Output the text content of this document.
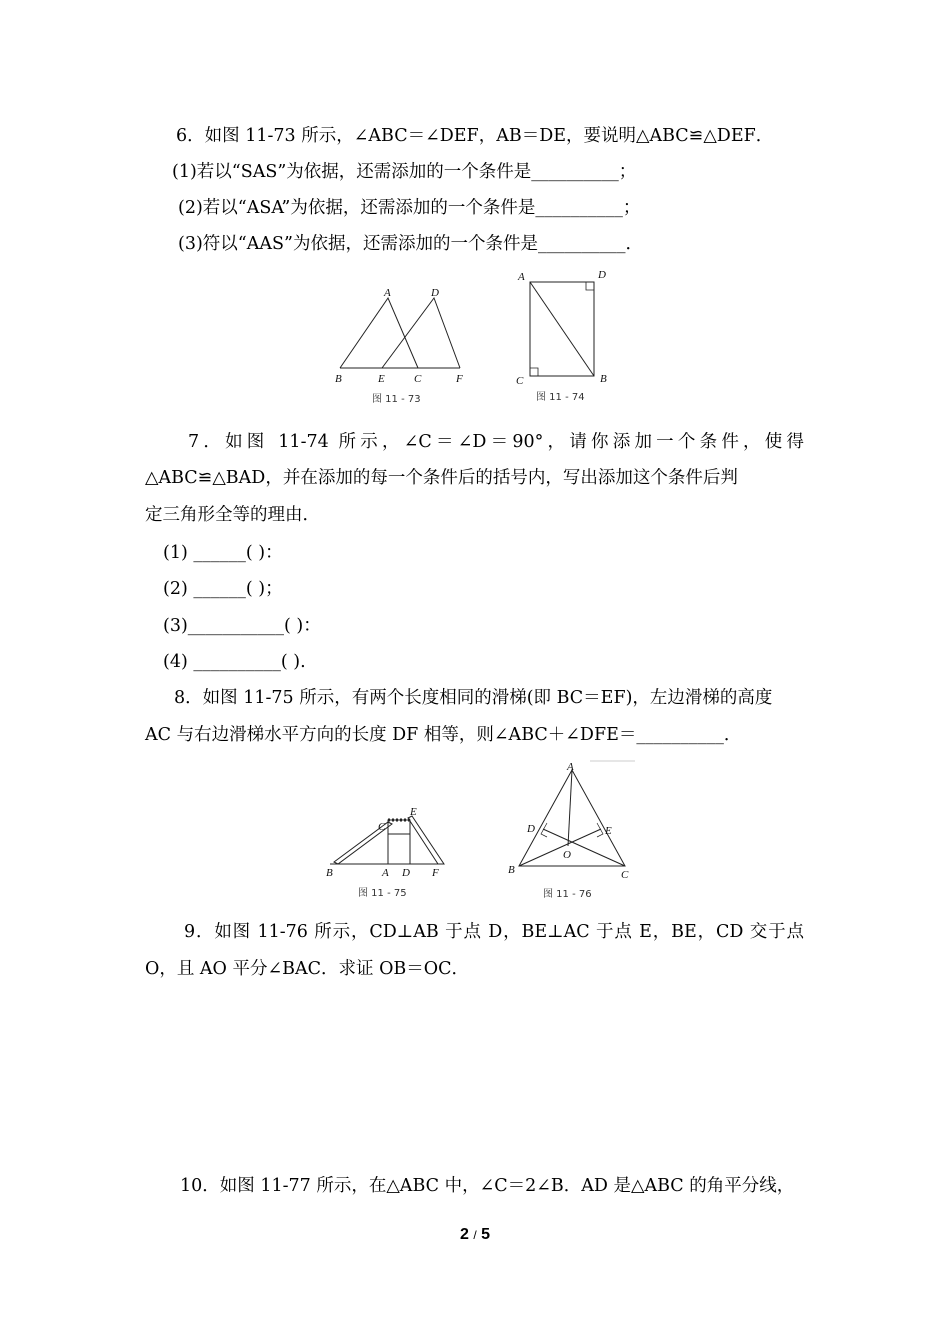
6．如图 11-73 所示，∠ABC＝∠DEF，AB＝DE，要说明△ABC≌△DEF．
(1)若以“SAS”为依据，还需添加的一个条件是__________；
(2)若以“ASA”为依据，还需添加的一个条件是__________；
(3)符以“AAS”为依据，还需添加的一个条件是__________．
A	D
B	E	C	F
图 11 - 73
A	D
C	B
图 11 - 74
7．如图 11-74 所示，∠C＝∠D＝90°，请你添加一个条件，使得
△ABC≌△BAD，并在添加的每一个条件后的括号内，写出添加这个条件后判
定三角形全等的理由．
(1) ______( )：
(2) ______( )；
(3)___________( )：
(4) __________( ).
8．如图 11-75 所示，有两个长度相同的滑梯(即 BC＝EF)，左边滑梯的高度
AC 与右边滑梯水平方向的长度 DF 相等，则∠ABC＋∠DFE＝__________．
E
C
B	A D F
图 11 - 75
A
D	E
O
B	C
图 11 - 76
9．如图 11-76 所示，CD⊥AB 于点 D，BE⊥AC 于点 E，BE，CD 交于点
O，且 AO 平分∠BAC．求证 OB＝OC．
10．如图 11-77 所示，在△ABC 中，∠C＝2∠B．AD 是△ABC 的角平分线，
2 / 5
